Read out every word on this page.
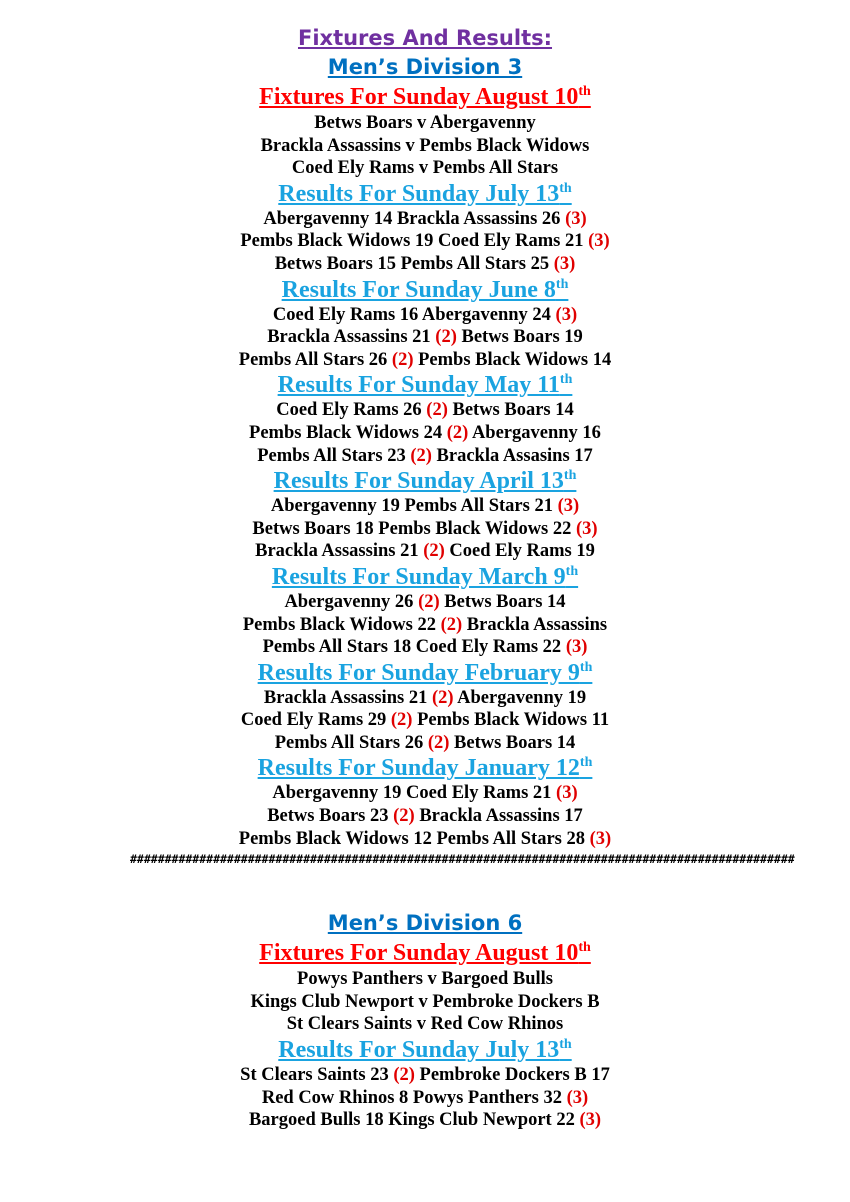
Fixtures And Results:
Men’s Division 3
Fixtures For Sunday August 10th
Betws Boars v Abergavenny
Brackla Assassins v Pembs Black Widows
Coed Ely Rams v Pembs All Stars
Results For Sunday July 13th
Abergavenny 14 Brackla Assassins 26 (3)
Pembs Black Widows 19 Coed Ely Rams 21 (3)
Betws Boars 15 Pembs All Stars 25 (3)
Results For Sunday June 8th
Coed Ely Rams 16 Abergavenny 24 (3)
Brackla Assassins 21 (2) Betws Boars 19
Pembs All Stars 26 (2) Pembs Black Widows 14
Results For Sunday May 11th
Coed Ely Rams 26 (2) Betws Boars 14
Pembs Black Widows 24 (2) Abergavenny 16
Pembs All Stars 23 (2) Brackla Assasins 17
Results For Sunday April 13th
Abergavenny 19 Pembs All Stars 21 (3)
Betws Boars 18 Pembs Black Widows 22 (3)
Brackla Assassins 21 (2) Coed Ely Rams 19
Results For Sunday March 9th
Abergavenny 26 (2) Betws Boars 14
Pembs Black Widows 22 (2) Brackla Assassins
Pembs All Stars 18 Coed Ely Rams 22 (3)
Results For Sunday February 9th
Brackla Assassins 21 (2) Abergavenny 19
Coed Ely Rams 29 (2) Pembs Black Widows 11
Pembs All Stars 26 (2) Betws Boars 14
Results For Sunday January 12th
Abergavenny 19 Coed Ely Rams 21 (3)
Betws Boars 23 (2) Brackla Assassins 17
Pembs Black Widows 12 Pembs All Stars 28 (3)
################################################################################################
Men’s Division 6
Fixtures For Sunday August 10th
Powys Panthers v Bargoed Bulls
Kings Club Newport v Pembroke Dockers B
St Clears Saints v Red Cow Rhinos
Results For Sunday July 13th
St Clears Saints 23 (2) Pembroke Dockers B 17
Red Cow Rhinos 8 Powys Panthers 32 (3)
Bargoed Bulls 18 Kings Club Newport 22 (3)
